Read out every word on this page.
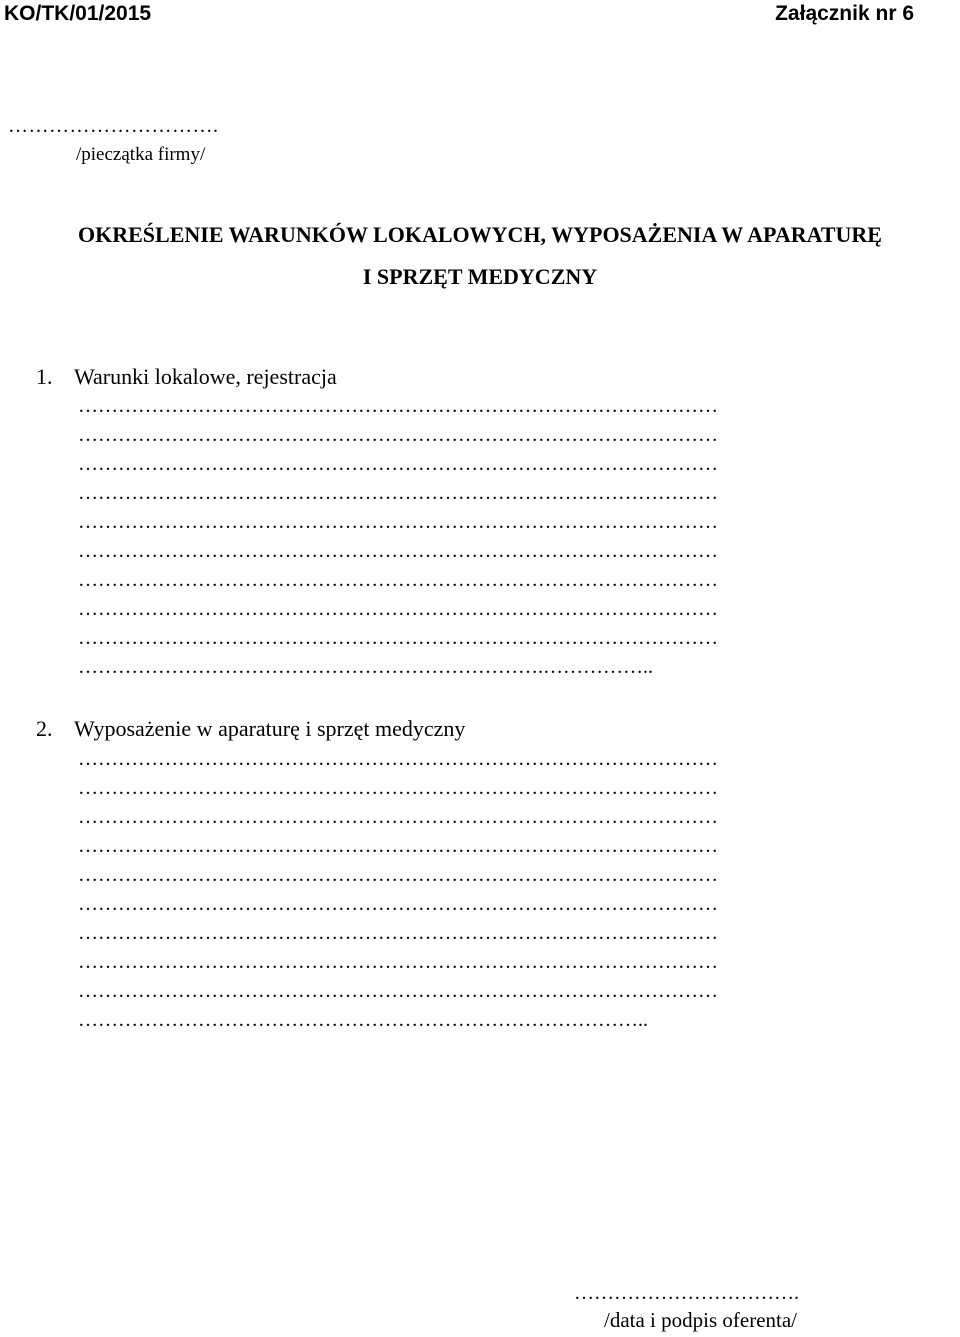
KO/TK/01/2015	Załącznik nr 6
………………………….
/pieczątka firmy/
OKREŚLENIE WARUNKÓW LOKALOWYCH, WYPOSAŻENIA W APARATURĘ
I SPRZĘT MEDYCZNY
1. Warunki lokalowe, rejestracja
……………………………………………………………………………………
……………………………………………………………………………………
……………………………………………………………………………………
……………………………………………………………………………………
……………………………………………………………………………………
……………………………………………………………………………………
……………………………………………………………………………………
……………………………………………………………………………………
……………………………………………………………………………………
…………………………………………………………….……………..
2. Wyposażenie w aparaturę i sprzęt medyczny
……………………………………………………………………………………
……………………………………………………………………………………
……………………………………………………………………………………
……………………………………………………………………………………
……………………………………………………………………………………
……………………………………………………………………………………
……………………………………………………………………………………
……………………………………………………………………………………
……………………………………………………………………………………
…………………………………………………………………………..
…………………………….
/data i podpis oferenta/
